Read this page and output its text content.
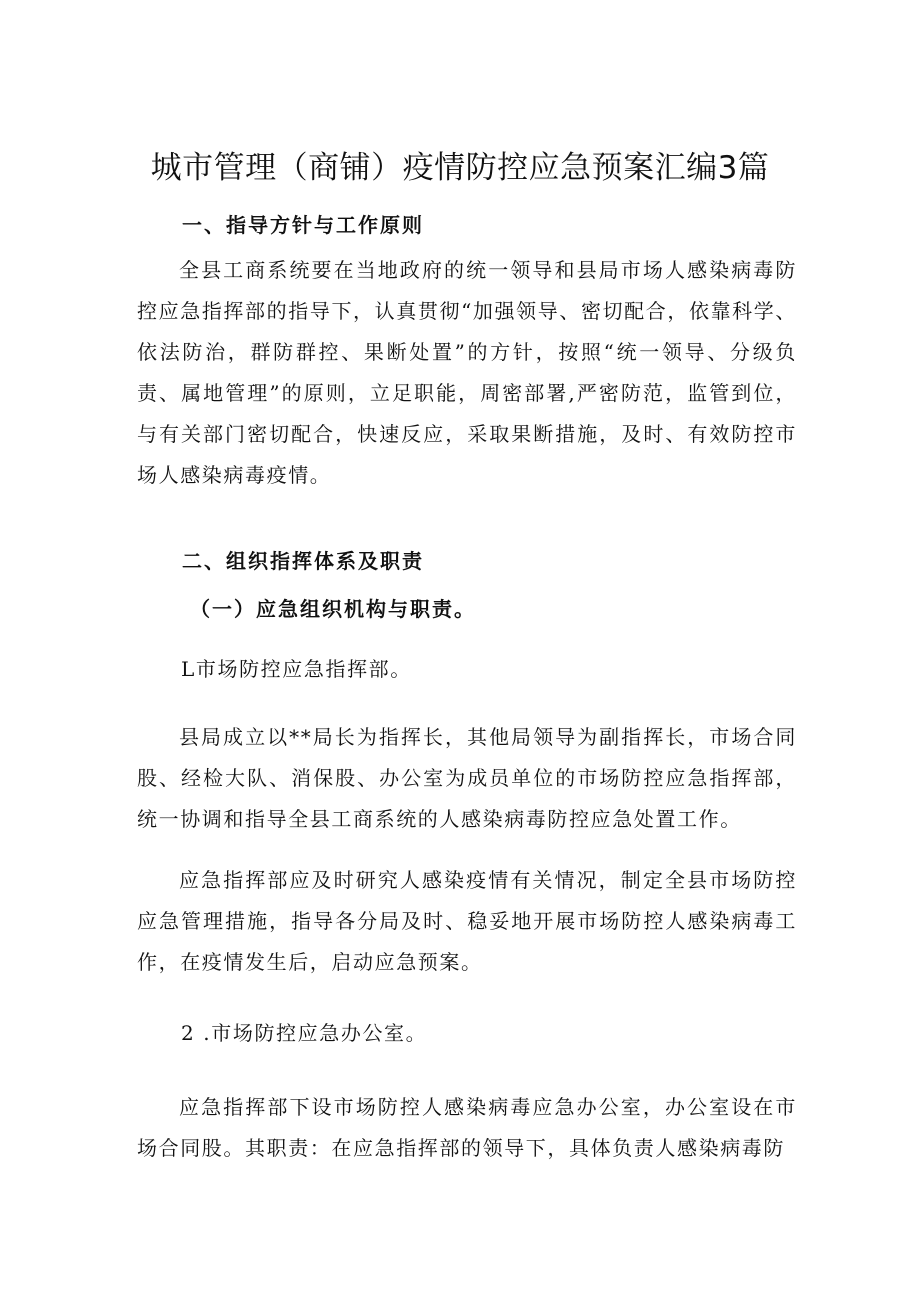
城市管理（商铺）疫情防控应急预案汇编3篇
一、指导方针与工作原则
全县工商系统要在当地政府的统一领导和县局市场人感染病毒防控应急指挥部的指导下，认真贯彻“加强领导、密切配合，依靠科学、依法防治，群防群控、果断处置”的方针，按照“统一领导、分级负责、属地管理”的原则，立足职能，周密部署,严密防范，监管到位，与有关部门密切配合，快速反应，采取果断措施，及时、有效防控市场人感染病毒疫情。
二、组织指挥体系及职责
（一）应急组织机构与职责。
L市场防控应急指挥部。
县局成立以**局长为指挥长，其他局领导为副指挥长，市场合同股、经检大队、消保股、办公室为成员单位的市场防控应急指挥部，统一协调和指导全县工商系统的人感染病毒防控应急处置工作。
应急指挥部应及时研究人感染疫情有关情况，制定全县市场防控应急管理措施，指导各分局及时、稳妥地开展市场防控人感染病毒工作，在疫情发生后，启动应急预案。
2 .市场防控应急办公室。
应急指挥部下设市场防控人感染病毒应急办公室，办公室设在市场合同股。其职责：在应急指挥部的领导下，具体负责人感染病毒防
